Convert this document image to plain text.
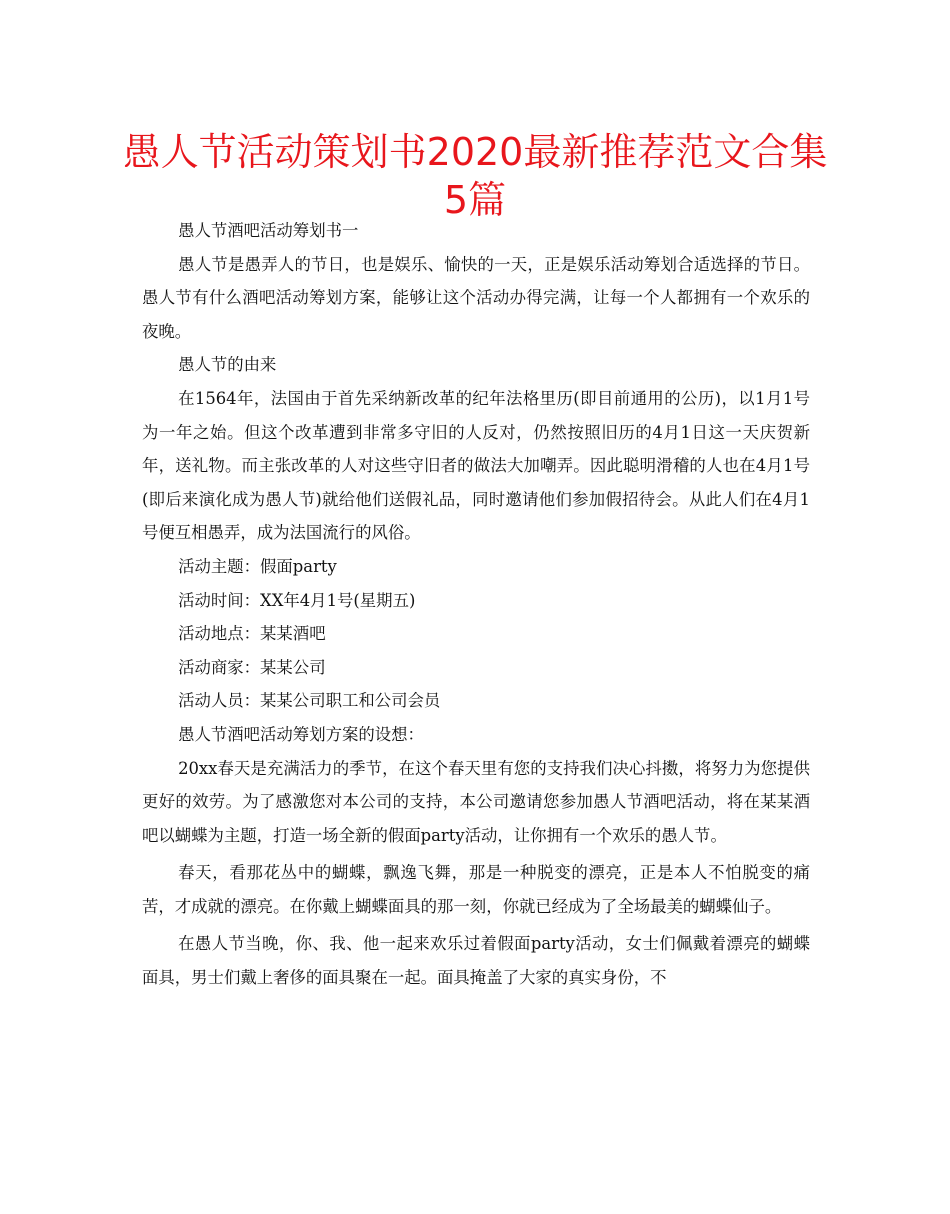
愚人节活动策划书2020最新推荐范文合集5篇

愚人节酒吧活动筹划书一

愚人节是愚弄人的节日，也是娱乐、愉快的一天，正是娱乐活动筹划合适选择的节日。愚人节有什么酒吧活动筹划方案，能够让这个活动办得完满，让每一个人都拥有一个欢乐的夜晚。

愚人节的由来

在1564年，法国由于首先采纳新改革的纪年法格里历(即目前通用的公历)，以1月1号为一年之始。但这个改革遭到非常多守旧的人反对，仍然按照旧历的4月1日这一天庆贺新年，送礼物。而主张改革的人对这些守旧者的做法大加嘲弄。因此聪明滑稽的人也在4月1号(即后来演化成为愚人节)就给他们送假礼品，同时邀请他们参加假招待会。从此人们在4月1号便互相愚弄，成为法国流行的风俗。

活动主题：假面party

活动时间：XX年4月1号(星期五)

活动地点：某某酒吧

活动商家：某某公司

活动人员：某某公司职工和公司会员

愚人节酒吧活动筹划方案的设想：

20xx春天是充满活力的季节，在这个春天里有您的支持我们决心抖擞，将努力为您提供更好的效劳。为了感激您对本公司的支持，本公司邀请您参加愚人节酒吧活动，将在某某酒吧以蝴蝶为主题，打造一场全新的假面party活动，让你拥有一个欢乐的愚人节。

春天，看那花丛中的蝴蝶，飘逸飞舞，那是一种脱变的漂亮，正是本人不怕脱变的痛苦，才成就的漂亮。在你戴上蝴蝶面具的那一刻，你就已经成为了全场最美的蝴蝶仙子。

在愚人节当晚，你、我、他一起来欢乐过着假面party活动，女士们佩戴着漂亮的蝴蝶面具，男士们戴上奢侈的面具聚在一起。面具掩盖了大家的真实身份，不
